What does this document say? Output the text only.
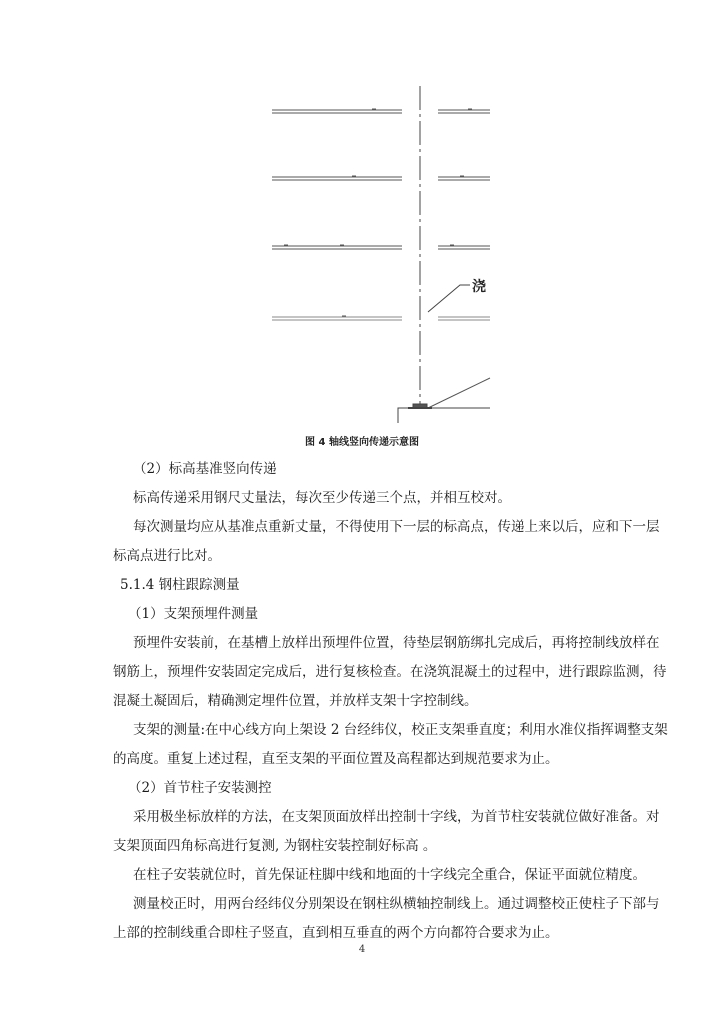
浇
图 4 轴线竖向传递示意图
（2）标高基准竖向传递
标高传递采用钢尺丈量法，每次至少传递三个点，并相互校对。
每次测量均应从基准点重新丈量，不得使用下一层的标高点，传递上来以后，应和下一层
标高点进行比对。
5.1.4 钢柱跟踪测量
（1）支架预埋件测量
预埋件安装前，在基槽上放样出预埋件位置，待垫层钢筋绑扎完成后，再将控制线放样在
钢筋上，预埋件安装固定完成后，进行复核检查。在浇筑混凝土的过程中，进行跟踪监测，待
混凝土凝固后，精确测定埋件位置，并放样支架十字控制线。
支架的测量:在中心线方向上架设 2 台经纬仪，校正支架垂直度；利用水准仪指挥调整支架
的高度。重复上述过程，直至支架的平面位置及高程都达到规范要求为止。
（2）首节柱子安装测控
采用极坐标放样的方法，在支架顶面放样出控制十字线，为首节柱安装就位做好准备。对
支架顶面四角标高进行复测, 为钢柱安装控制好标高 。
在柱子安装就位时，首先保证柱脚中线和地面的十字线完全重合，保证平面就位精度。
测量校正时，用两台经纬仪分别架设在钢柱纵横轴控制线上。通过调整校正使柱子下部与
上部的控制线重合即柱子竖直，直到相互垂直的两个方向都符合要求为止。
4
